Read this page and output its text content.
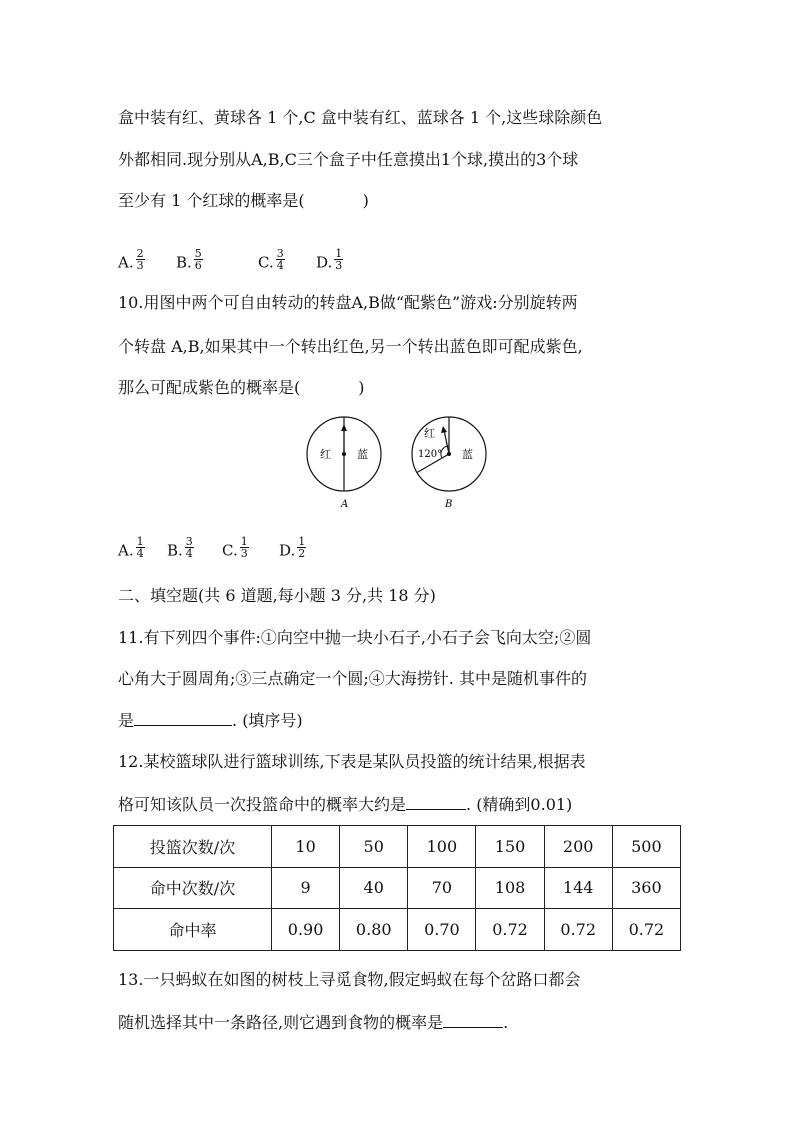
盒中装有红、黄球各 1 个,C 盒中装有红、蓝球各 1 个,这些球除颜色
外都相同.现分别从A,B,C三个盒子中任意摸出1个球,摸出的3个球
至少有 1 个红球的概率是(	)
A. $\frac{2}{3} B$. $\frac{5}{6}$	C. $\frac{3}{4} D$. $\frac{1}{3}$
10.用图中两个可自由转动的转盘A,B做“配紫色”游戏:分别旋转两
个转盘 A,B,如果其中一个转出红色,另一个转出蓝色即可配成紫色,
那么可配成紫色的概率是(	)
红 蓝
A
红
120° 蓝
B
A. $\frac{1}{4} B$. $\frac{3}{4} C$. $\frac{1}{3} D$. $\frac{1}{2}$
二、填空题(共 6 道题,每小题 3 分,共 18 分)
11.有下列四个事件:①向空中抛一块小石子,小石子会飞向太空;②圆
心角大于圆周角;③三点确定一个圆;④大海捞针. 其中是随机事件的
是	. (填序号)
12.某校篮球队进行篮球训练,下表是某队员投篮的统计结果,根据表
格可知该队员一次投篮命中的概率大约是	. (精确到0.01)
投篮次数/次	10	50	100	150	200	500
命中次数/次	9	40	70	108	144	360
命中率	0.90	0.80	0.70	0.72	0.72	0.72
13.一只蚂蚁在如图的树枝上寻觅食物,假定蚂蚁在每个岔路口都会
随机选择其中一条路径,则它遇到食物的概率是	.
